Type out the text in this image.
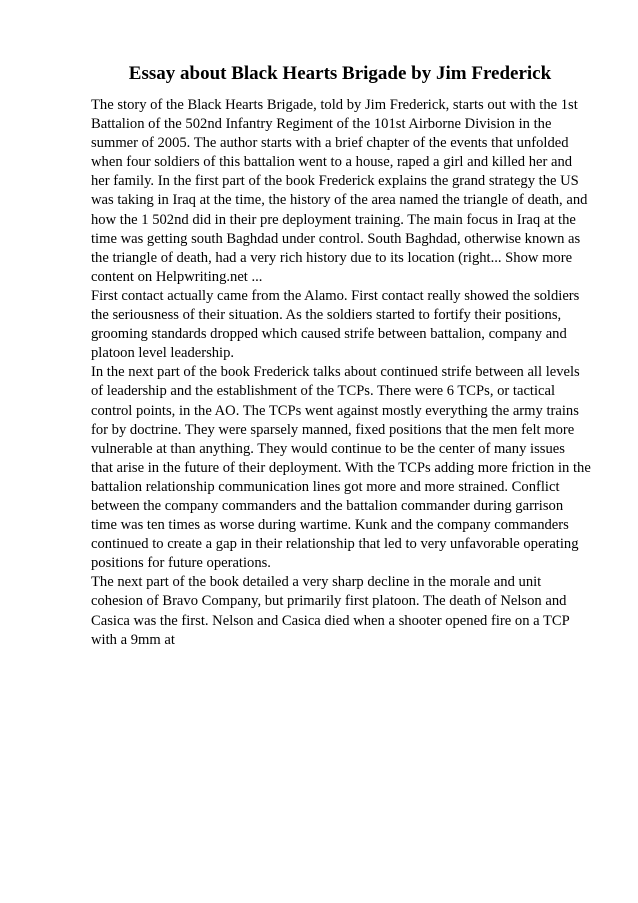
Essay about Black Hearts Brigade by Jim Frederick

The story of the Black Hearts Brigade, told by Jim Frederick, starts out with the 1st
Battalion of the 502nd Infantry Regiment of the 101st Airborne Division in the
summer of 2005. The author starts with a brief chapter of the events that unfolded
when four soldiers of this battalion went to a house, raped a girl and killed her and
her family. In the first part of the book Frederick explains the grand strategy the US
was taking in Iraq at the time, the history of the area named the triangle of death, and
how the 1 502nd did in their pre deployment training. The main focus in Iraq at the
time was getting south Baghdad under control. South Baghdad, otherwise known as
the triangle of death, had a very rich history due to its location (right... Show more
content on Helpwriting.net ...

First contact actually came from the Alamo. First contact really showed the soldiers
the seriousness of their situation. As the soldiers started to fortify their positions,
grooming standards dropped which caused strife between battalion, company and
platoon level leadership.

In the next part of the book Frederick talks about continued strife between all levels
of leadership and the establishment of the TCPs. There were 6 TCPs, or tactical
control points, in the AO. The TCPs went against mostly everything the army trains
for by doctrine. They were sparsely manned, fixed positions that the men felt more
vulnerable at than anything. They would continue to be the center of many issues
that arise in the future of their deployment. With the TCPs adding more friction in the
battalion relationship communication lines got more and more strained. Conflict
between the company commanders and the battalion commander during garrison
time was ten times as worse during wartime. Kunk and the company commanders
continued to create a gap in their relationship that led to very unfavorable operating
positions for future operations.

The next part of the book detailed a very sharp decline in the morale and unit
cohesion of Bravo Company, but primarily first platoon. The death of Nelson and
Casica was the first. Nelson and Casica died when a shooter opened fire on a TCP
with a 9mm at
